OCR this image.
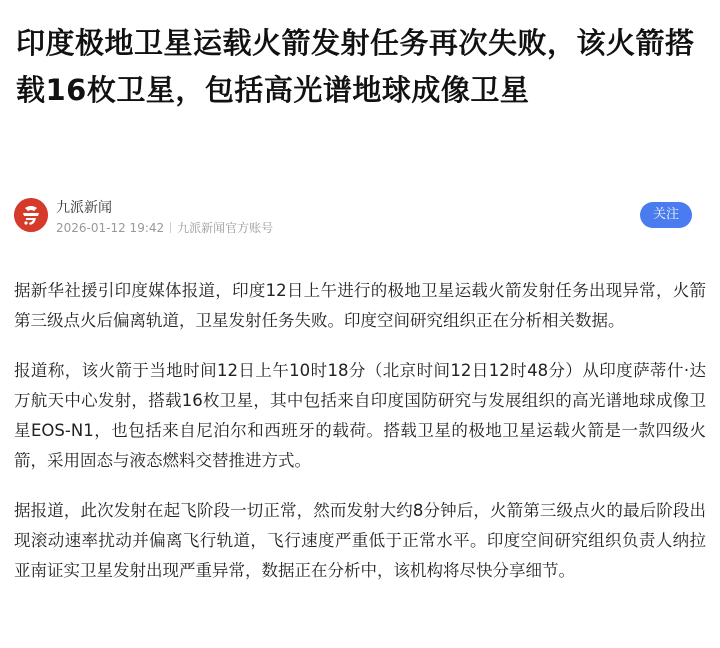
印度极地卫星运载火箭发射任务再次失败，该火箭搭载16枚卫星，包括高光谱地球成像卫星
九派新闻
2026-01-12 19:42 九派新闻官方账号
关注

据新华社援引印度媒体报道，印度12日上午进行的极地卫星运载火箭发射任务出现异常，火箭第三级点火后偏离轨道，卫星发射任务失败。印度空间研究组织正在分析相关数据。

报道称，该火箭于当地时间12日上午10时18分（北京时间12日12时48分）从印度萨蒂什·达万航天中心发射，搭载16枚卫星，其中包括来自印度国防研究与发展组织的高光谱地球成像卫星EOS-N1，也包括来自尼泊尔和西班牙的载荷。搭载卫星的极地卫星运载火箭是一款四级火箭，采用固态与液态燃料交替推进方式。

据报道，此次发射在起飞阶段一切正常，然而发射大约8分钟后，火箭第三级点火的最后阶段出现滚动速率扰动并偏离飞行轨道，飞行速度严重低于正常水平。印度空间研究组织负责人纳拉亚南证实卫星发射出现严重异常，数据正在分析中，该机构将尽快分享细节。
